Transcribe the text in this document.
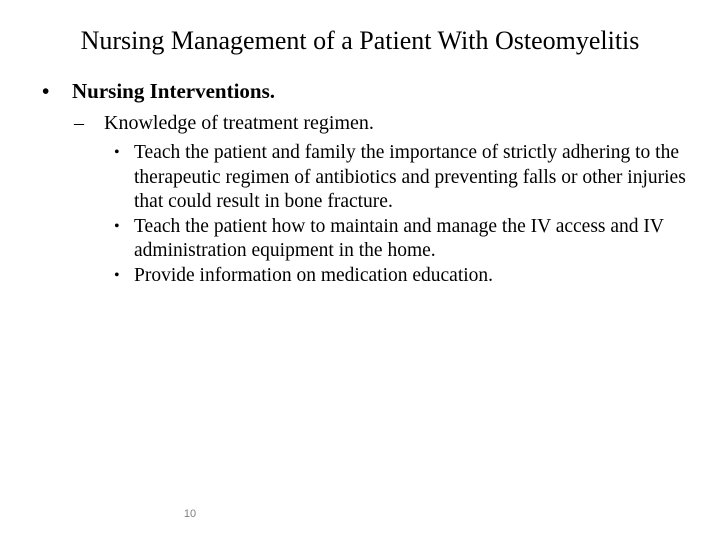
Nursing Management of a Patient With Osteomyelitis
• Nursing Interventions.
– Knowledge of treatment regimen.
• Teach the patient and family the importance of strictly adhering to the therapeutic regimen of antibiotics and preventing falls or other injuries that could result in bone fracture.
• Teach the patient how to maintain and manage the IV access and IV administration equipment in the home.
• Provide information on medication education.
10
